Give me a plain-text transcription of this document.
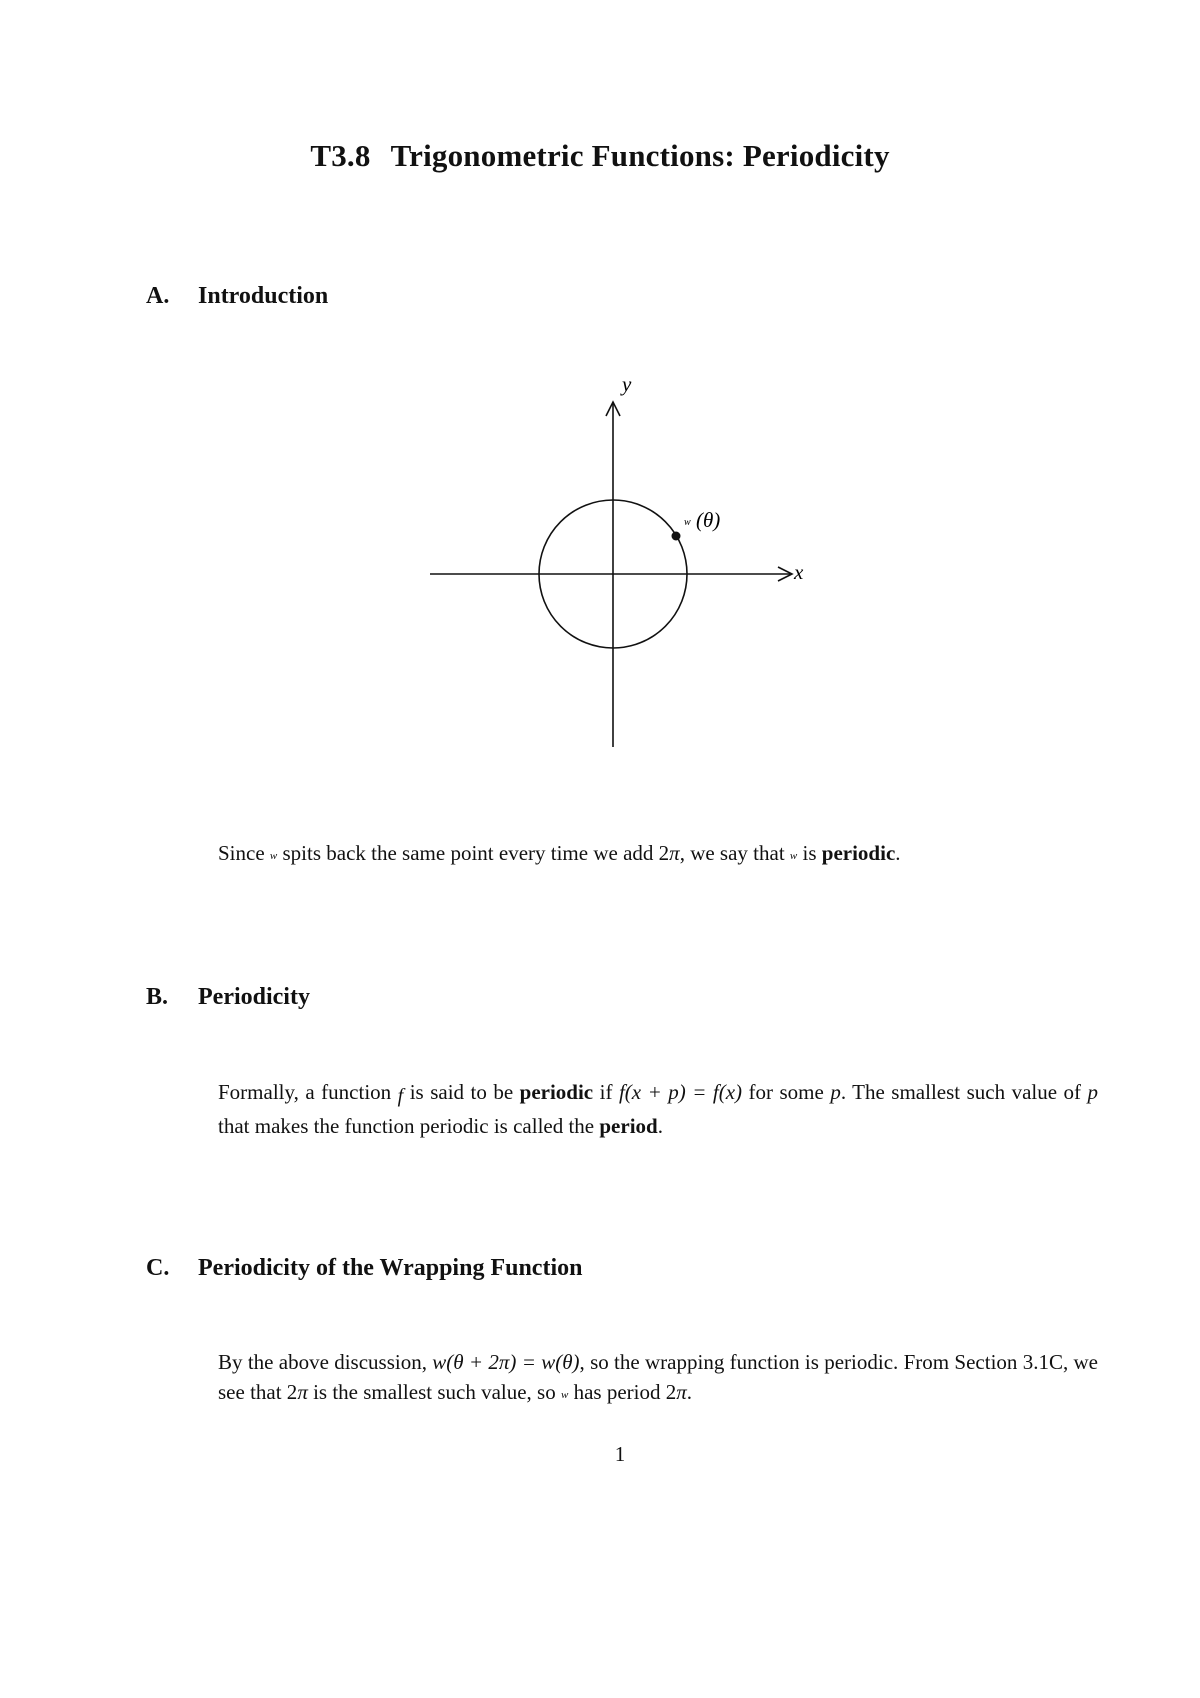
T3.8 Trigonometric Functions: Periodicity
A. Introduction
x
y
w (θ)
Since w spits back the same point every time we add 2π, we say that w is periodic.
B. Periodicity
Formally, a function f is said to be periodic if f(x + p) = f(x) for some p. The smallest such value of p that makes the function periodic is called the period.
C. Periodicity of the Wrapping Function
By the above discussion, w(θ + 2π) = w(θ), so the wrapping function is periodic. From Section 3.1C, we see that 2π is the smallest such value, so w has period 2π.
1
